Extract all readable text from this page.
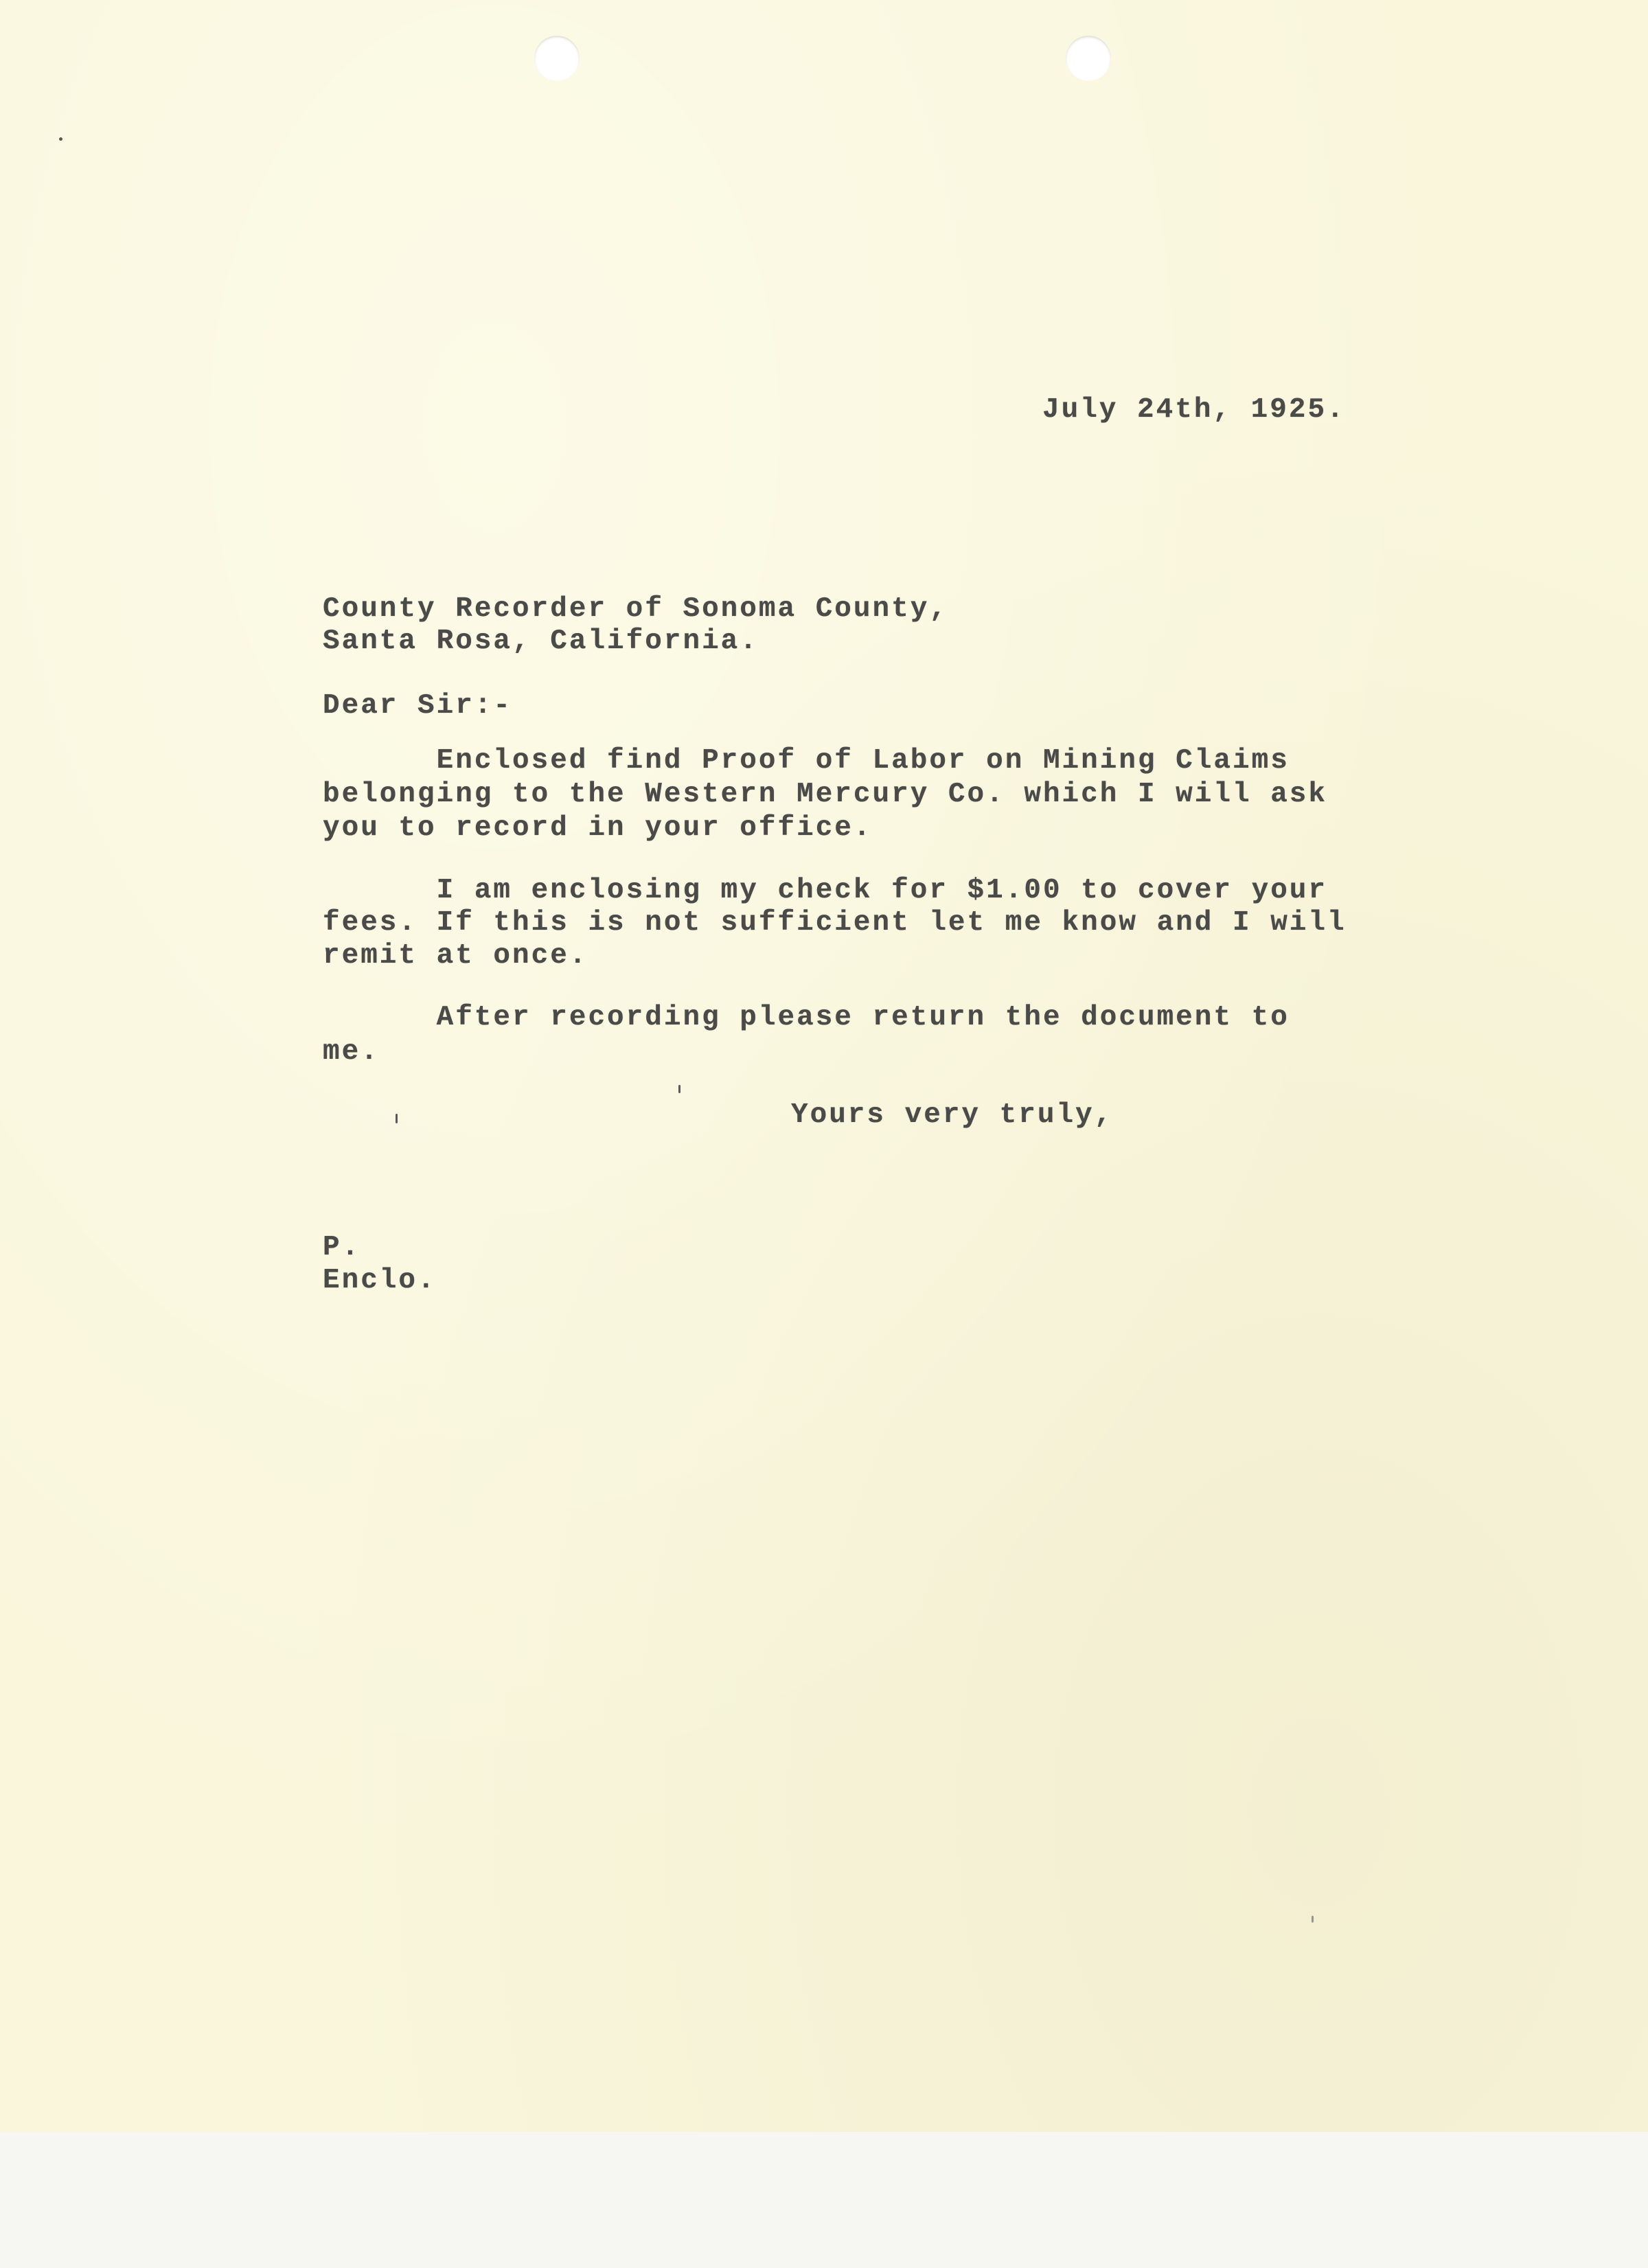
July 24th, 1925.
County Recorder of Sonoma County,
Santa Rosa, California.
Dear Sir:-
Enclosed find Proof of Labor on Mining Claims
belonging to the Western Mercury Co. which I will ask
you to record in your office.
I am enclosing my check for $1.00 to cover your
fees. If this is not sufficient let me know and I will
remit at once.
After recording please return the document to
me.
Yours very truly,
P.
Enclo.
